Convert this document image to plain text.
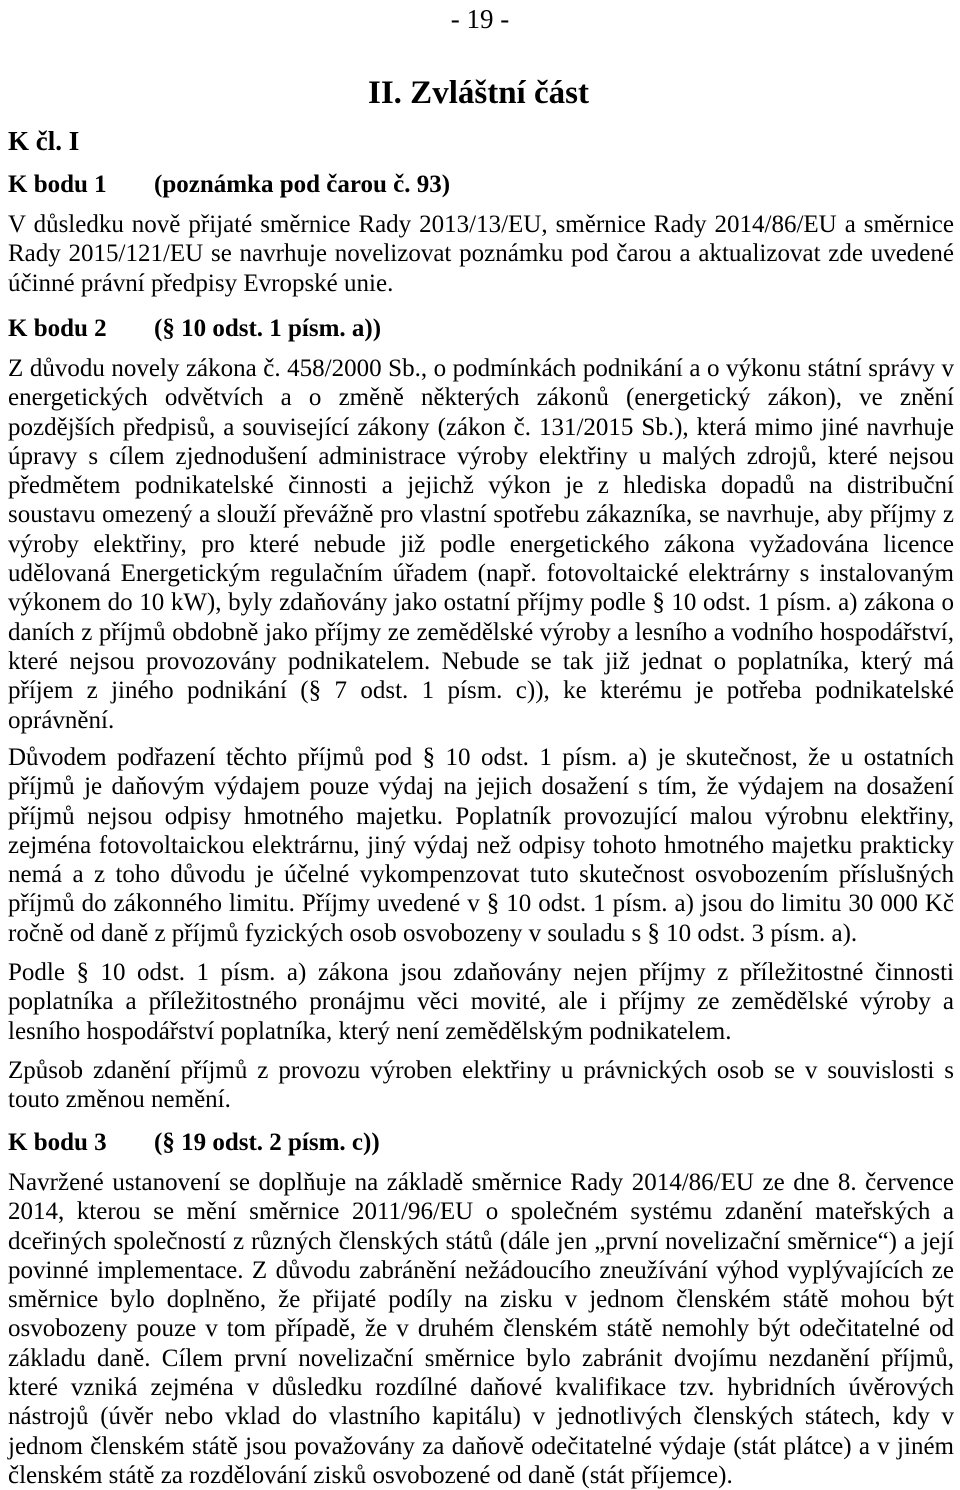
- 19 -
II. Zvláštní část
K čl. I
K bodu 1 (poznámka pod čarou č. 93)

V důsledku nově přijaté směrnice Rady 2013/13/EU, směrnice Rady 2014/86/EU a směrnice Rady 2015/121/EU se navrhuje novelizovat poznámku pod čarou a aktualizovat zde uvedené účinné právní předpisy Evropské unie.

K bodu 2 (§ 10 odst. 1 písm. a))

Z důvodu novely zákona č. 458/2000 Sb., o podmínkách podnikání a o výkonu státní správy v energetických odvětvích a o změně některých zákonů (energetický zákon), ve znění pozdějších předpisů, a související zákony (zákon č. 131/2015 Sb.), která mimo jiné navrhuje úpravy s cílem zjednodušení administrace výroby elektřiny u malých zdrojů, které nejsou předmětem podnikatelské činnosti a jejichž výkon je z hlediska dopadů na distribuční soustavu omezený a slouží převážně pro vlastní spotřebu zákazníka, se navrhuje, aby příjmy z výroby elektřiny, pro které nebude již podle energetického zákona vyžadována licence udělovaná Energetickým regulačním úřadem (např. fotovoltaické elektrárny s instalovaným výkonem do 10 kW), byly zdaňovány jako ostatní příjmy podle § 10 odst. 1 písm. a) zákona o daních z příjmů obdobně jako příjmy ze zemědělské výroby a lesního a vodního hospodářství, které nejsou provozovány podnikatelem. Nebude se tak již jednat o poplatníka, který má příjem z jiného podnikání (§ 7 odst. 1 písm. c)), ke kterému je potřeba podnikatelské oprávnění.

Důvodem podřazení těchto příjmů pod § 10 odst. 1 písm. a) je skutečnost, že u ostatních příjmů je daňovým výdajem pouze výdaj na jejich dosažení s tím, že výdajem na dosažení příjmů nejsou odpisy hmotného majetku. Poplatník provozující malou výrobnu elektřiny, zejména fotovoltaickou elektrárnu, jiný výdaj než odpisy tohoto hmotného majetku prakticky nemá a z toho důvodu je účelné vykompenzovat tuto skutečnost osvobozením příslušných příjmů do zákonného limitu. Příjmy uvedené v § 10 odst. 1 písm. a) jsou do limitu 30 000 Kč ročně od daně z příjmů fyzických osob osvobozeny v souladu s § 10 odst. 3 písm. a).

Podle § 10 odst. 1 písm. a) zákona jsou zdaňovány nejen příjmy z příležitostné činnosti poplatníka a příležitostného pronájmu věci movité, ale i příjmy ze zemědělské výroby a lesního hospodářství poplatníka, který není zemědělským podnikatelem.

Způsob zdanění příjmů z provozu výroben elektřiny u právnických osob se v souvislosti s touto změnou nemění.

K bodu 3 (§ 19 odst. 2 písm. c))

Navržené ustanovení se doplňuje na základě směrnice Rady 2014/86/EU ze dne 8. července 2014, kterou se mění směrnice 2011/96/EU o společném systému zdanění mateřských a dceřiných společností z různých členských států (dále jen „první novelizační směrnice“) a její povinné implementace. Z důvodu zabránění nežádoucího zneužívání výhod vyplývajících ze směrnice bylo doplněno, že přijaté podíly na zisku v jednom členském státě mohou být osvobozeny pouze v tom případě, že v druhém členském státě nemohly být odečitatelné od základu daně. Cílem první novelizační směrnice bylo zabránit dvojímu nezdanění příjmů, které vzniká zejména v důsledku rozdílné daňové kvalifikace tzv. hybridních úvěrových nástrojů (úvěr nebo vklad do vlastního kapitálu) v jednotlivých členských státech, kdy v jednom členském státě jsou považovány za daňově odečitatelné výdaje (stát plátce) a v jiném členském státě za rozdělování zisků osvobozené od daně (stát příjemce).
